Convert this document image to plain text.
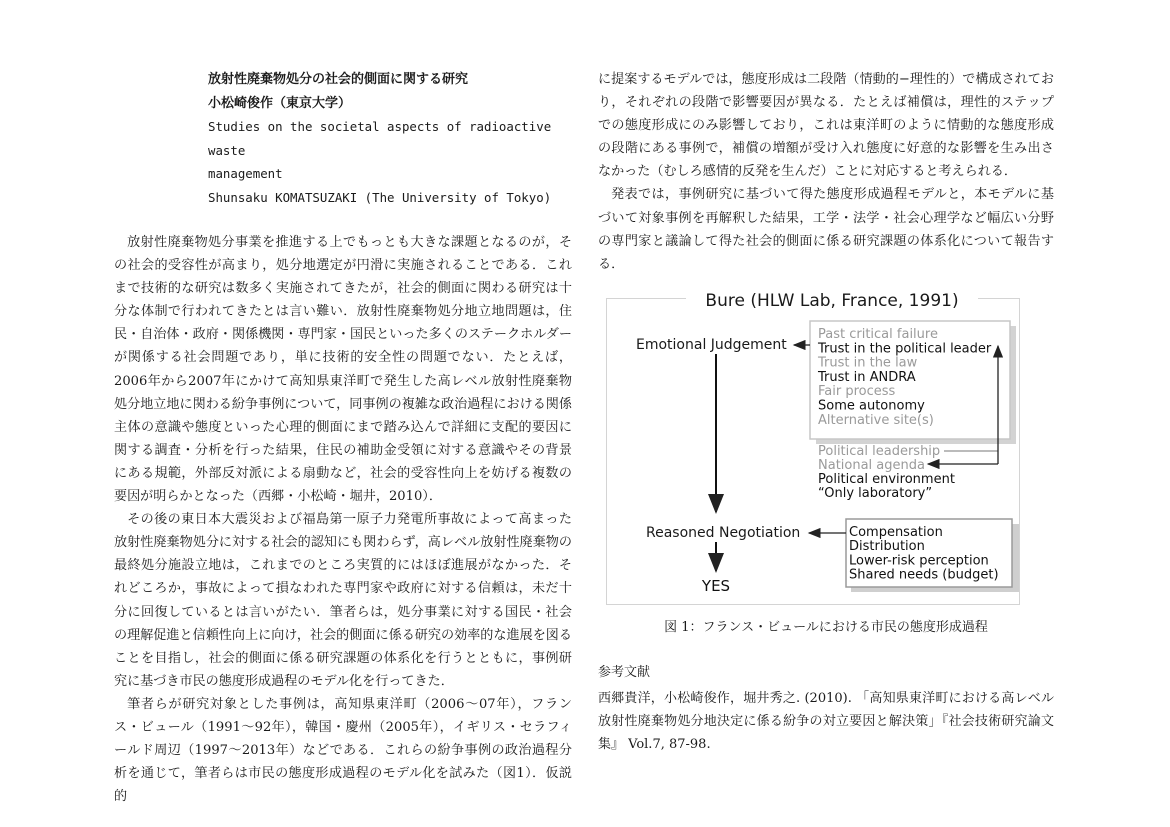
放射性廃棄物処分の社会的側面に関する研究
小松崎俊作（東京大学）
Studies on the societal aspects of radioactive waste
management
Shunsaku KOMATSUZAKI (The University of Tokyo)

放射性廃棄物処分事業を推進する上でもっとも大きな課題となるのが，その社会的受容性が高まり，処分地選定が円滑に実施されることである．これまで技術的な研究は数多く実施されてきたが，社会的側面に関わる研究は十分な体制で行われてきたとは言い難い．放射性廃棄物処分地立地問題は，住民・自治体・政府・関係機関・専門家・国民といった多くのステークホルダーが関係する社会問題であり，単に技術的安全性の問題でない．たとえば，2006年から2007年にかけて高知県東洋町で発生した高レベル放射性廃棄物処分地立地に関わる紛争事例について，同事例の複雑な政治過程における関係主体の意識や態度といった心理的側面にまで踏み込んで詳細に支配的要因に関する調査・分析を行った結果，住民の補助金受領に対する意識やその背景にある規範，外部反対派による扇動など，社会的受容性向上を妨げる複数の要因が明らかとなった（西郷・小松崎・堀井，2010）．

その後の東日本大震災および福島第一原子力発電所事故によって高まった放射性廃棄物処分に対する社会的認知にも関わらず，高レベル放射性廃棄物の最終処分施設立地は，これまでのところ実質的にはほぼ進展がなかった．それどころか，事故によって損なわれた専門家や政府に対する信頼は，未だ十分に回復しているとは言いがたい．筆者らは，処分事業に対する国民・社会の理解促進と信頼性向上に向け，社会的側面に係る研究の効率的な進展を図ることを目指し，社会的側面に係る研究課題の体系化を行うとともに，事例研究に基づき市民の態度形成過程のモデル化を行ってきた．

筆者らが研究対象とした事例は，高知県東洋町（2006〜07年），フランス・ビュール（1991〜92年），韓国・慶州（2005年），イギリス・セラフィールド周辺（1997〜2013年）などである．これらの紛争事例の政治過程分析を通じて，筆者らは市民の態度形成過程のモデル化を試みた（図1）．仮説的

に提案するモデルでは，態度形成は二段階（情動的−理性的）で構成されており，それぞれの段階で影響要因が異なる．たとえば補償は，理性的ステップでの態度形成にのみ影響しており，これは東洋町のように情動的な態度形成の段階にある事例で，補償の増額が受け入れ態度に好意的な影響を生み出さなかった（むしろ感情的反発を生んだ）ことに対応すると考えられる．

発表では，事例研究に基づいて得た態度形成過程モデルと，本モデルに基づいて対象事例を再解釈した結果，工学・法学・社会心理学など幅広い分野の専門家と議論して得た社会的側面に係る研究課題の体系化について報告する．

Bure (HLW Lab, France, 1991)
Past critical failure
Trust in the political leader
Trust in the law
Trust in ANDRA
Fair process
Some autonomy
Alternative site(s)
Emotional Judgement
Political leadership
National agenda
Political environment
“Only laboratory”
Reasoned Negotiation
YES
Compensation
Distribution
Lower-risk perception
Shared needs (budget)
図 1：フランス・ビュールにおける市民の態度形成過程
参考文献

西郷貴洋，小松崎俊作，堀井秀之. (2010). 「高知県東洋町における高レベル放射性廃棄物処分地決定に係る紛争の対立要因と解決策」『社会技術研究論文集』 Vol.7, 87-98.
